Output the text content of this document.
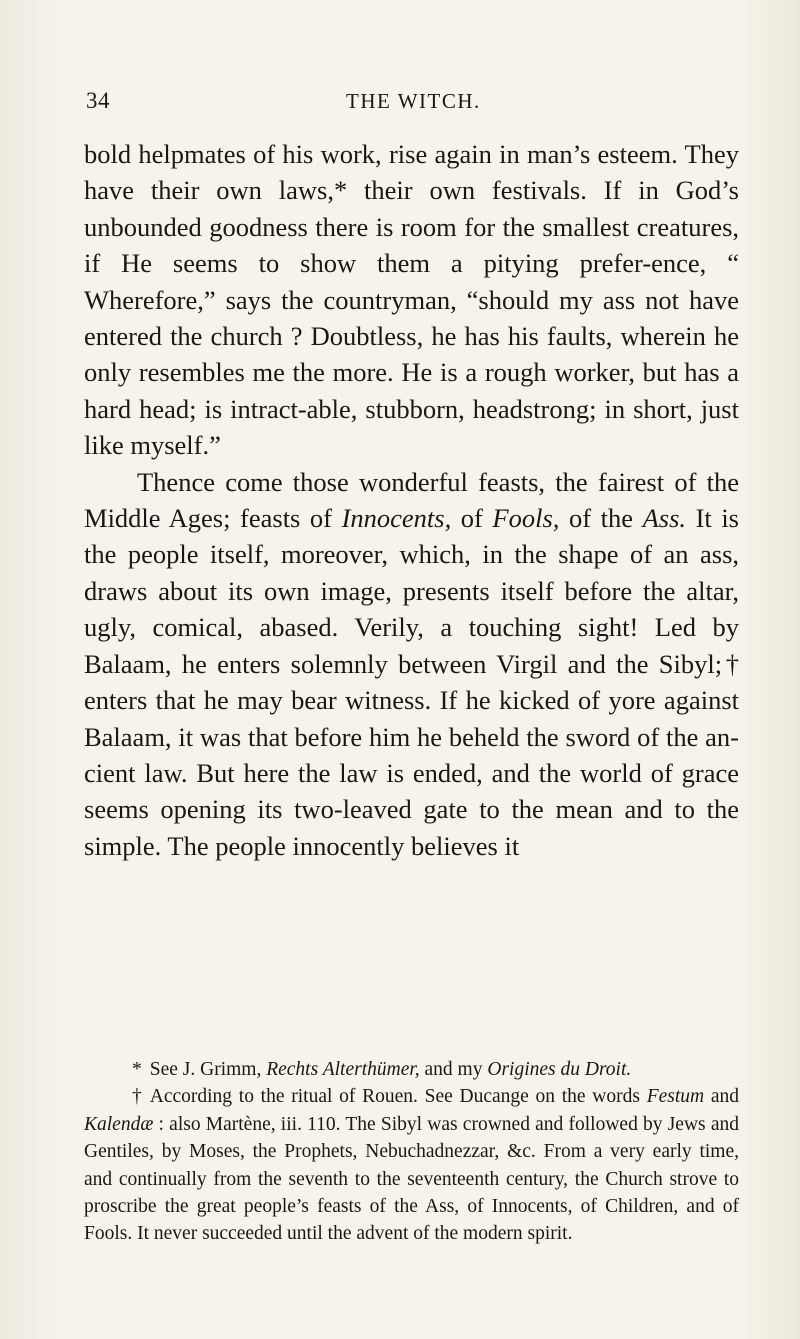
34	THE WITCH.

bold helpmates of his work, rise again in man’s esteem. They have their own laws,* their own festivals. If in God’s unbounded goodness there is room for the smallest creatures, if He seems to show them a pitying prefer-ence, “ Wherefore,” says the countryman, “should my ass not have entered the church ? Doubtless, he has his faults, wherein he only resembles me the more. He is a rough worker, but has a hard head; is intract-able, stubborn, headstrong; in short, just like myself.”

Thence come those wonderful feasts, the fairest of the Middle Ages; feasts of Innocents, of Fools, of the Ass. It is the people itself, moreover, which, in the shape of an ass, draws about its own image, presents itself before the altar, ugly, comical, abased. Verily, a touching sight! Led by Balaam, he enters solemnly between Virgil and the Sibyl;† enters that he may bear witness. If he kicked of yore against Balaam, it was that before him he beheld the sword of the an-cient law. But here the law is ended, and the world of grace seems opening its two-leaved gate to the mean and to the simple. The people innocently believes it

* See J. Grimm, Rechts Alterthümer, and my Origines du Droit.

† According to the ritual of Rouen. See Ducange on the words Festum and Kalendæ : also Martène, iii. 110. The Sibyl was crowned and followed by Jews and Gentiles, by Moses, the Prophets, Nebuchadnezzar, &c. From a very early time, and continually from the seventh to the seventeenth century, the Church strove to proscribe the great people’s feasts of the Ass, of Innocents, of Children, and of Fools. It never succeeded until the advent of the modern spirit.
